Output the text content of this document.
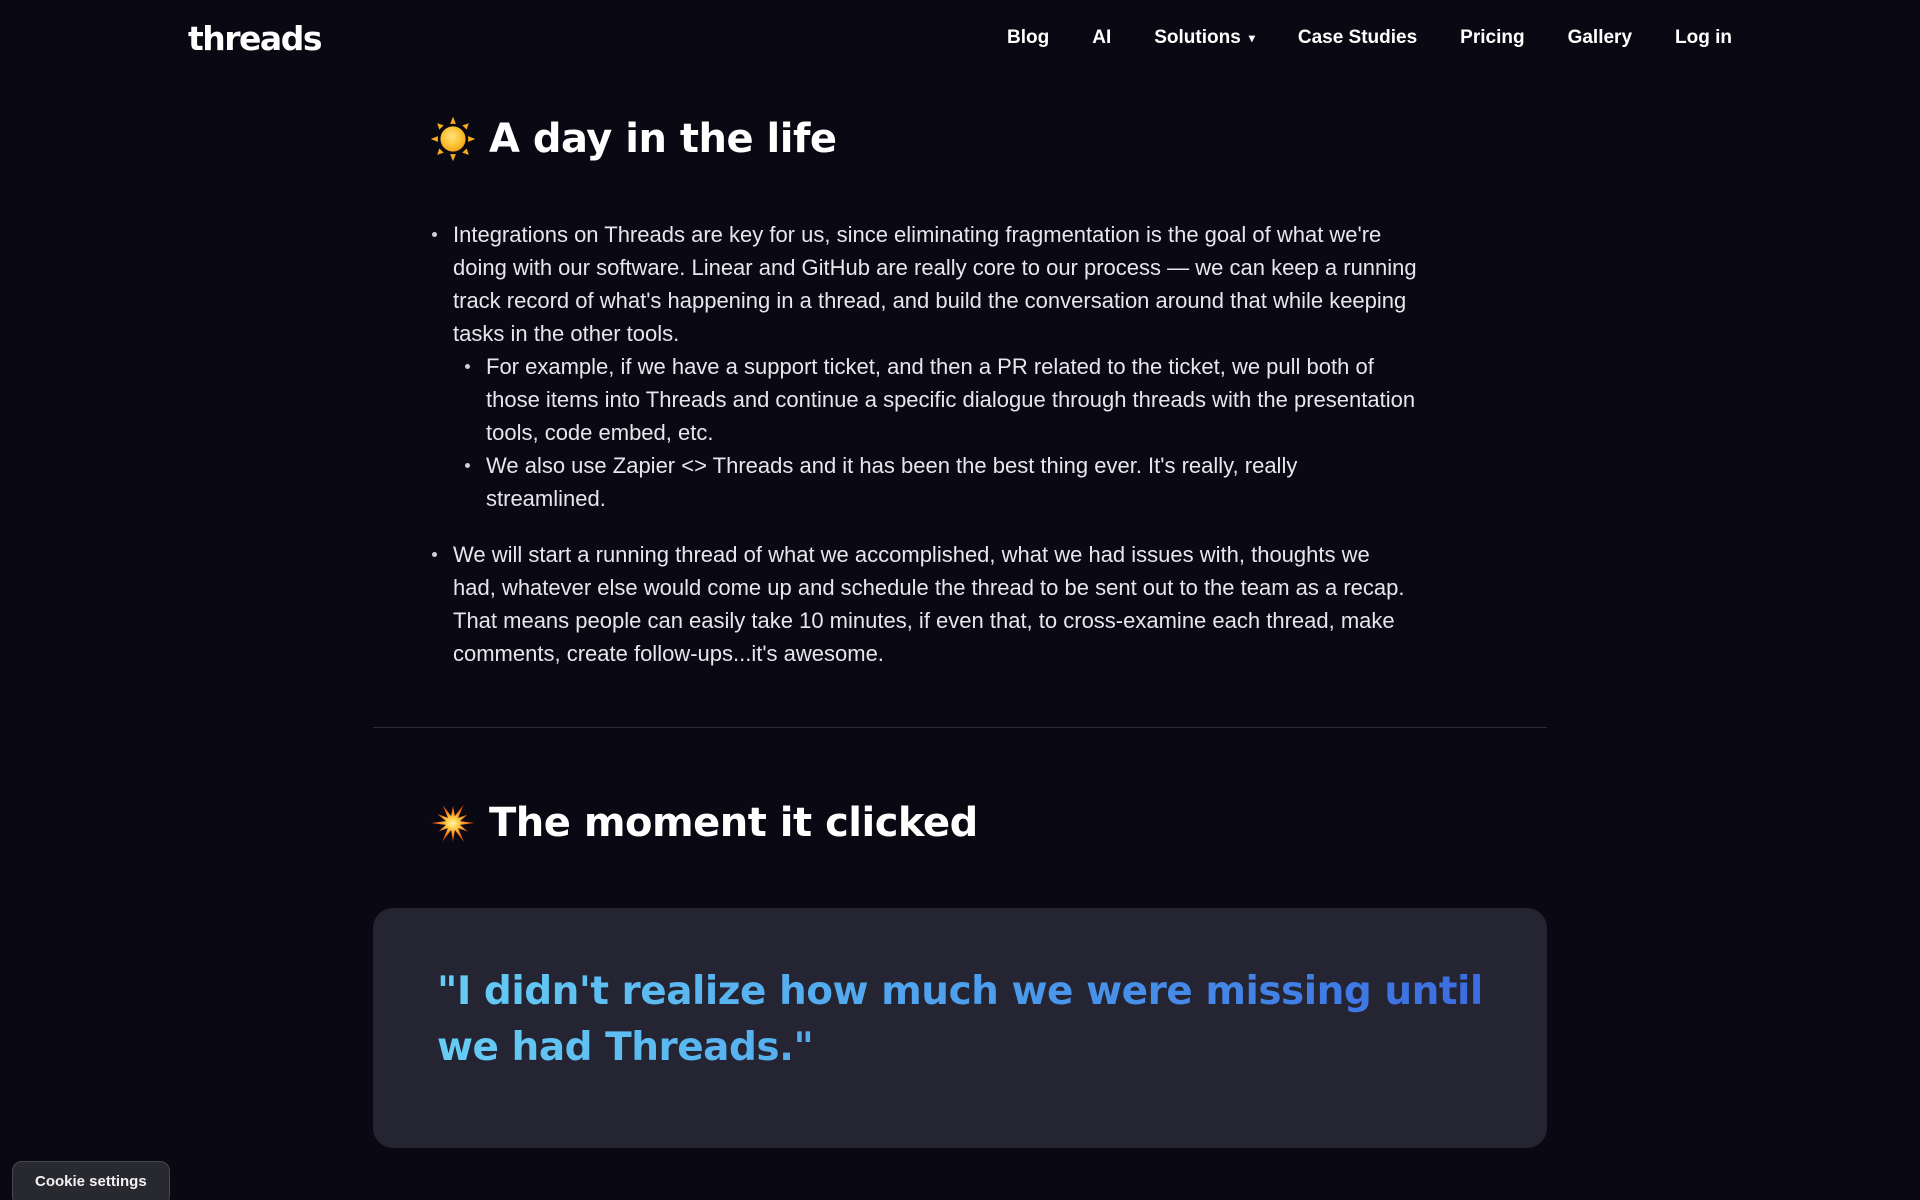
threads	Blog AI Solutions ▾ Case Studies Pricing Gallery Log in
A day in the life
Integrations on Threads are key for us, since eliminating fragmentation is the goal of what we're doing with our software. Linear and GitHub are really core to our process — we can keep a running track record of what's happening in a thread, and build the conversation around that while keeping tasks in the other tools.
For example, if we have a support ticket, and then a PR related to the ticket, we pull both of those items into Threads and continue a specific dialogue through threads with the presentation tools, code embed, etc.
We also use Zapier <> Threads and it has been the best thing ever. It's really, really streamlined.
We will start a running thread of what we accomplished, what we had issues with, thoughts we had, whatever else would come up and schedule the thread to be sent out to the team as a recap. That means people can easily take 10 minutes, if even that, to cross-examine each thread, make comments, create follow-ups...it's awesome.
The moment it clicked

"I didn't realize how much we were missing until we had Threads."

Cookie settings
